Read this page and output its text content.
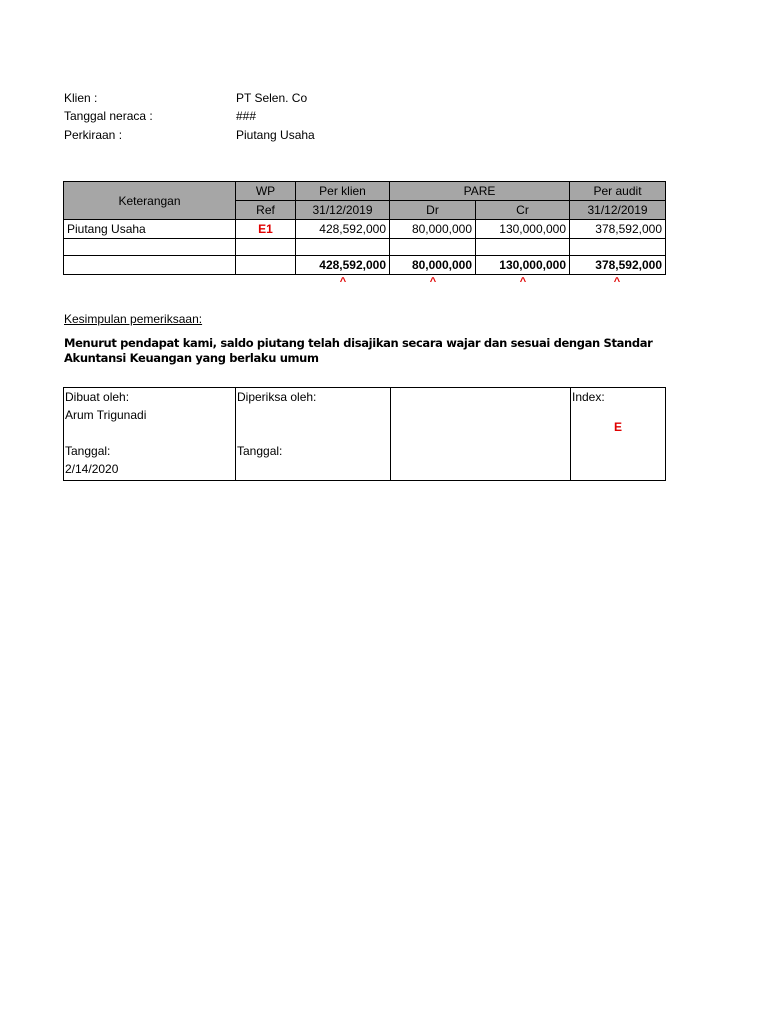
Klien :	PT Selen. Co
Tanggal neraca :	###
Perkiraan :	Piutang Usaha
Keterangan	WP	Per klien	PARE		Per audit
	Ref	31/12/2019	Dr	Cr	31/12/2019
Piutang Usaha	E1	428,592,000	80,000,000	130,000,000	378,592,000

		428,592,000	80,000,000	130,000,000	378,592,000
^	^	^	^
Kesimpulan pemeriksaan:
Menurut pendapat kami, saldo piutang telah disajikan secara wajar dan sesuai dengan Standar Akuntansi Keuangan yang berlaku umum
Dibuat oleh:
Arum Trigunadi
Tanggal:
2/14/2020

Diperiksa oleh:
Tanggal:

Index:
E
